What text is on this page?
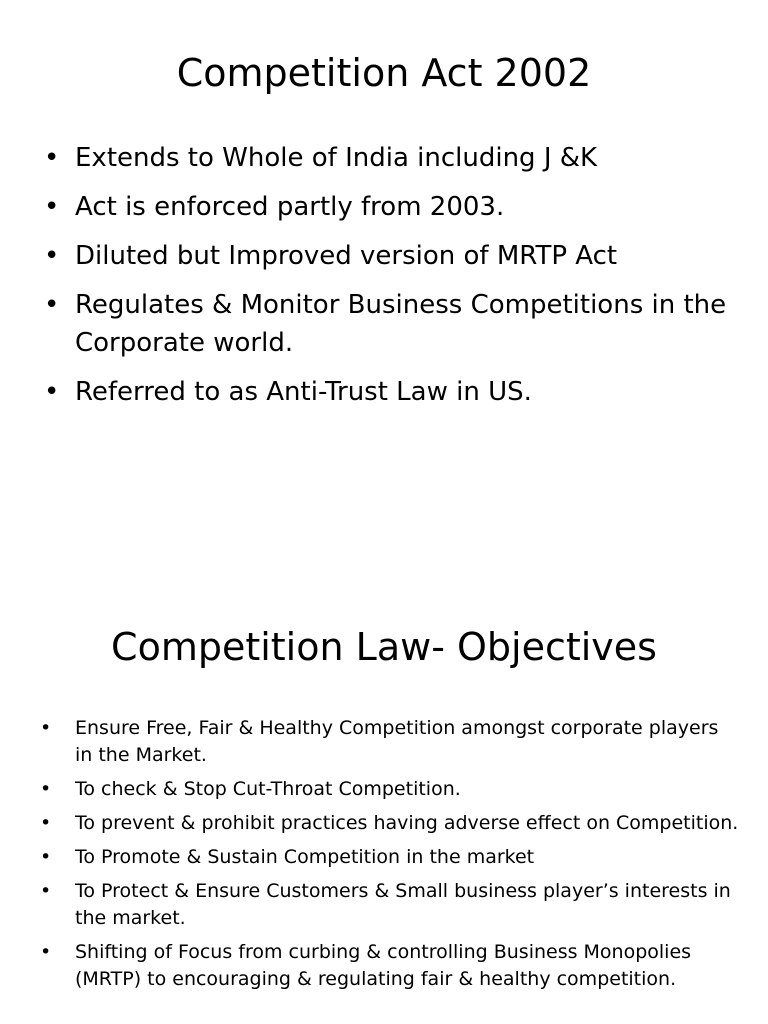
Competition Act 2002
• Extends to Whole of India including J &K
• Act is enforced partly from 2003.
• Diluted but Improved version of MRTP Act
• Regulates & Monitor Business Competitions in the Corporate world.
• Referred to as Anti-Trust Law in US.
Competition Law- Objectives
• Ensure Free, Fair & Healthy Competition amongst corporate players in the Market.
• To check & Stop Cut-Throat Competition.
• To prevent & prohibit practices having adverse effect on Competition.
• To Promote & Sustain Competition in the market
• To Protect & Ensure Customers & Small business player’s interests in the market.
• Shifting of Focus from curbing & controlling Business Monopolies (MRTP) to encouraging & regulating fair & healthy competition.
